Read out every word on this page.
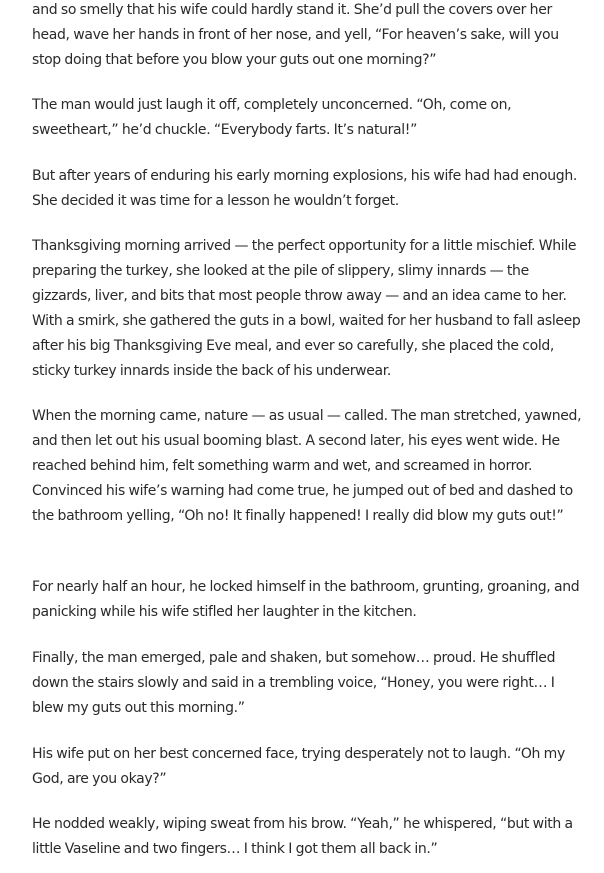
and so smelly that his wife could hardly stand it. She’d pull the covers over her head, wave her hands in front of her nose, and yell, “For heaven’s sake, will you stop doing that before you blow your guts out one morning?”

The man would just laugh it off, completely unconcerned. “Oh, come on, sweetheart,” he’d chuckle. “Everybody farts. It’s natural!”

But after years of enduring his early morning explosions, his wife had had enough. She decided it was time for a lesson he wouldn’t forget.

Thanksgiving morning arrived — the perfect opportunity for a little mischief. While preparing the turkey, she looked at the pile of slippery, slimy innards — the gizzards, liver, and bits that most people throw away — and an idea came to her. With a smirk, she gathered the guts in a bowl, waited for her husband to fall asleep after his big Thanksgiving Eve meal, and ever so carefully, she placed the cold, sticky turkey innards inside the back of his underwear.

When the morning came, nature — as usual — called. The man stretched, yawned, and then let out his usual booming blast. A second later, his eyes went wide. He reached behind him, felt something warm and wet, and screamed in horror. Convinced his wife’s warning had come true, he jumped out of bed and dashed to the bathroom yelling, “Oh no! It finally happened! I really did blow my guts out!”

For nearly half an hour, he locked himself in the bathroom, grunting, groaning, and panicking while his wife stifled her laughter in the kitchen.

Finally, the man emerged, pale and shaken, but somehow… proud. He shuffled down the stairs slowly and said in a trembling voice, “Honey, you were right… I blew my guts out this morning.”

His wife put on her best concerned face, trying desperately not to laugh. “Oh my God, are you okay?”

He nodded weakly, wiping sweat from his brow. “Yeah,” he whispered, “but with a little Vaseline and two fingers… I think I got them all back in.”
